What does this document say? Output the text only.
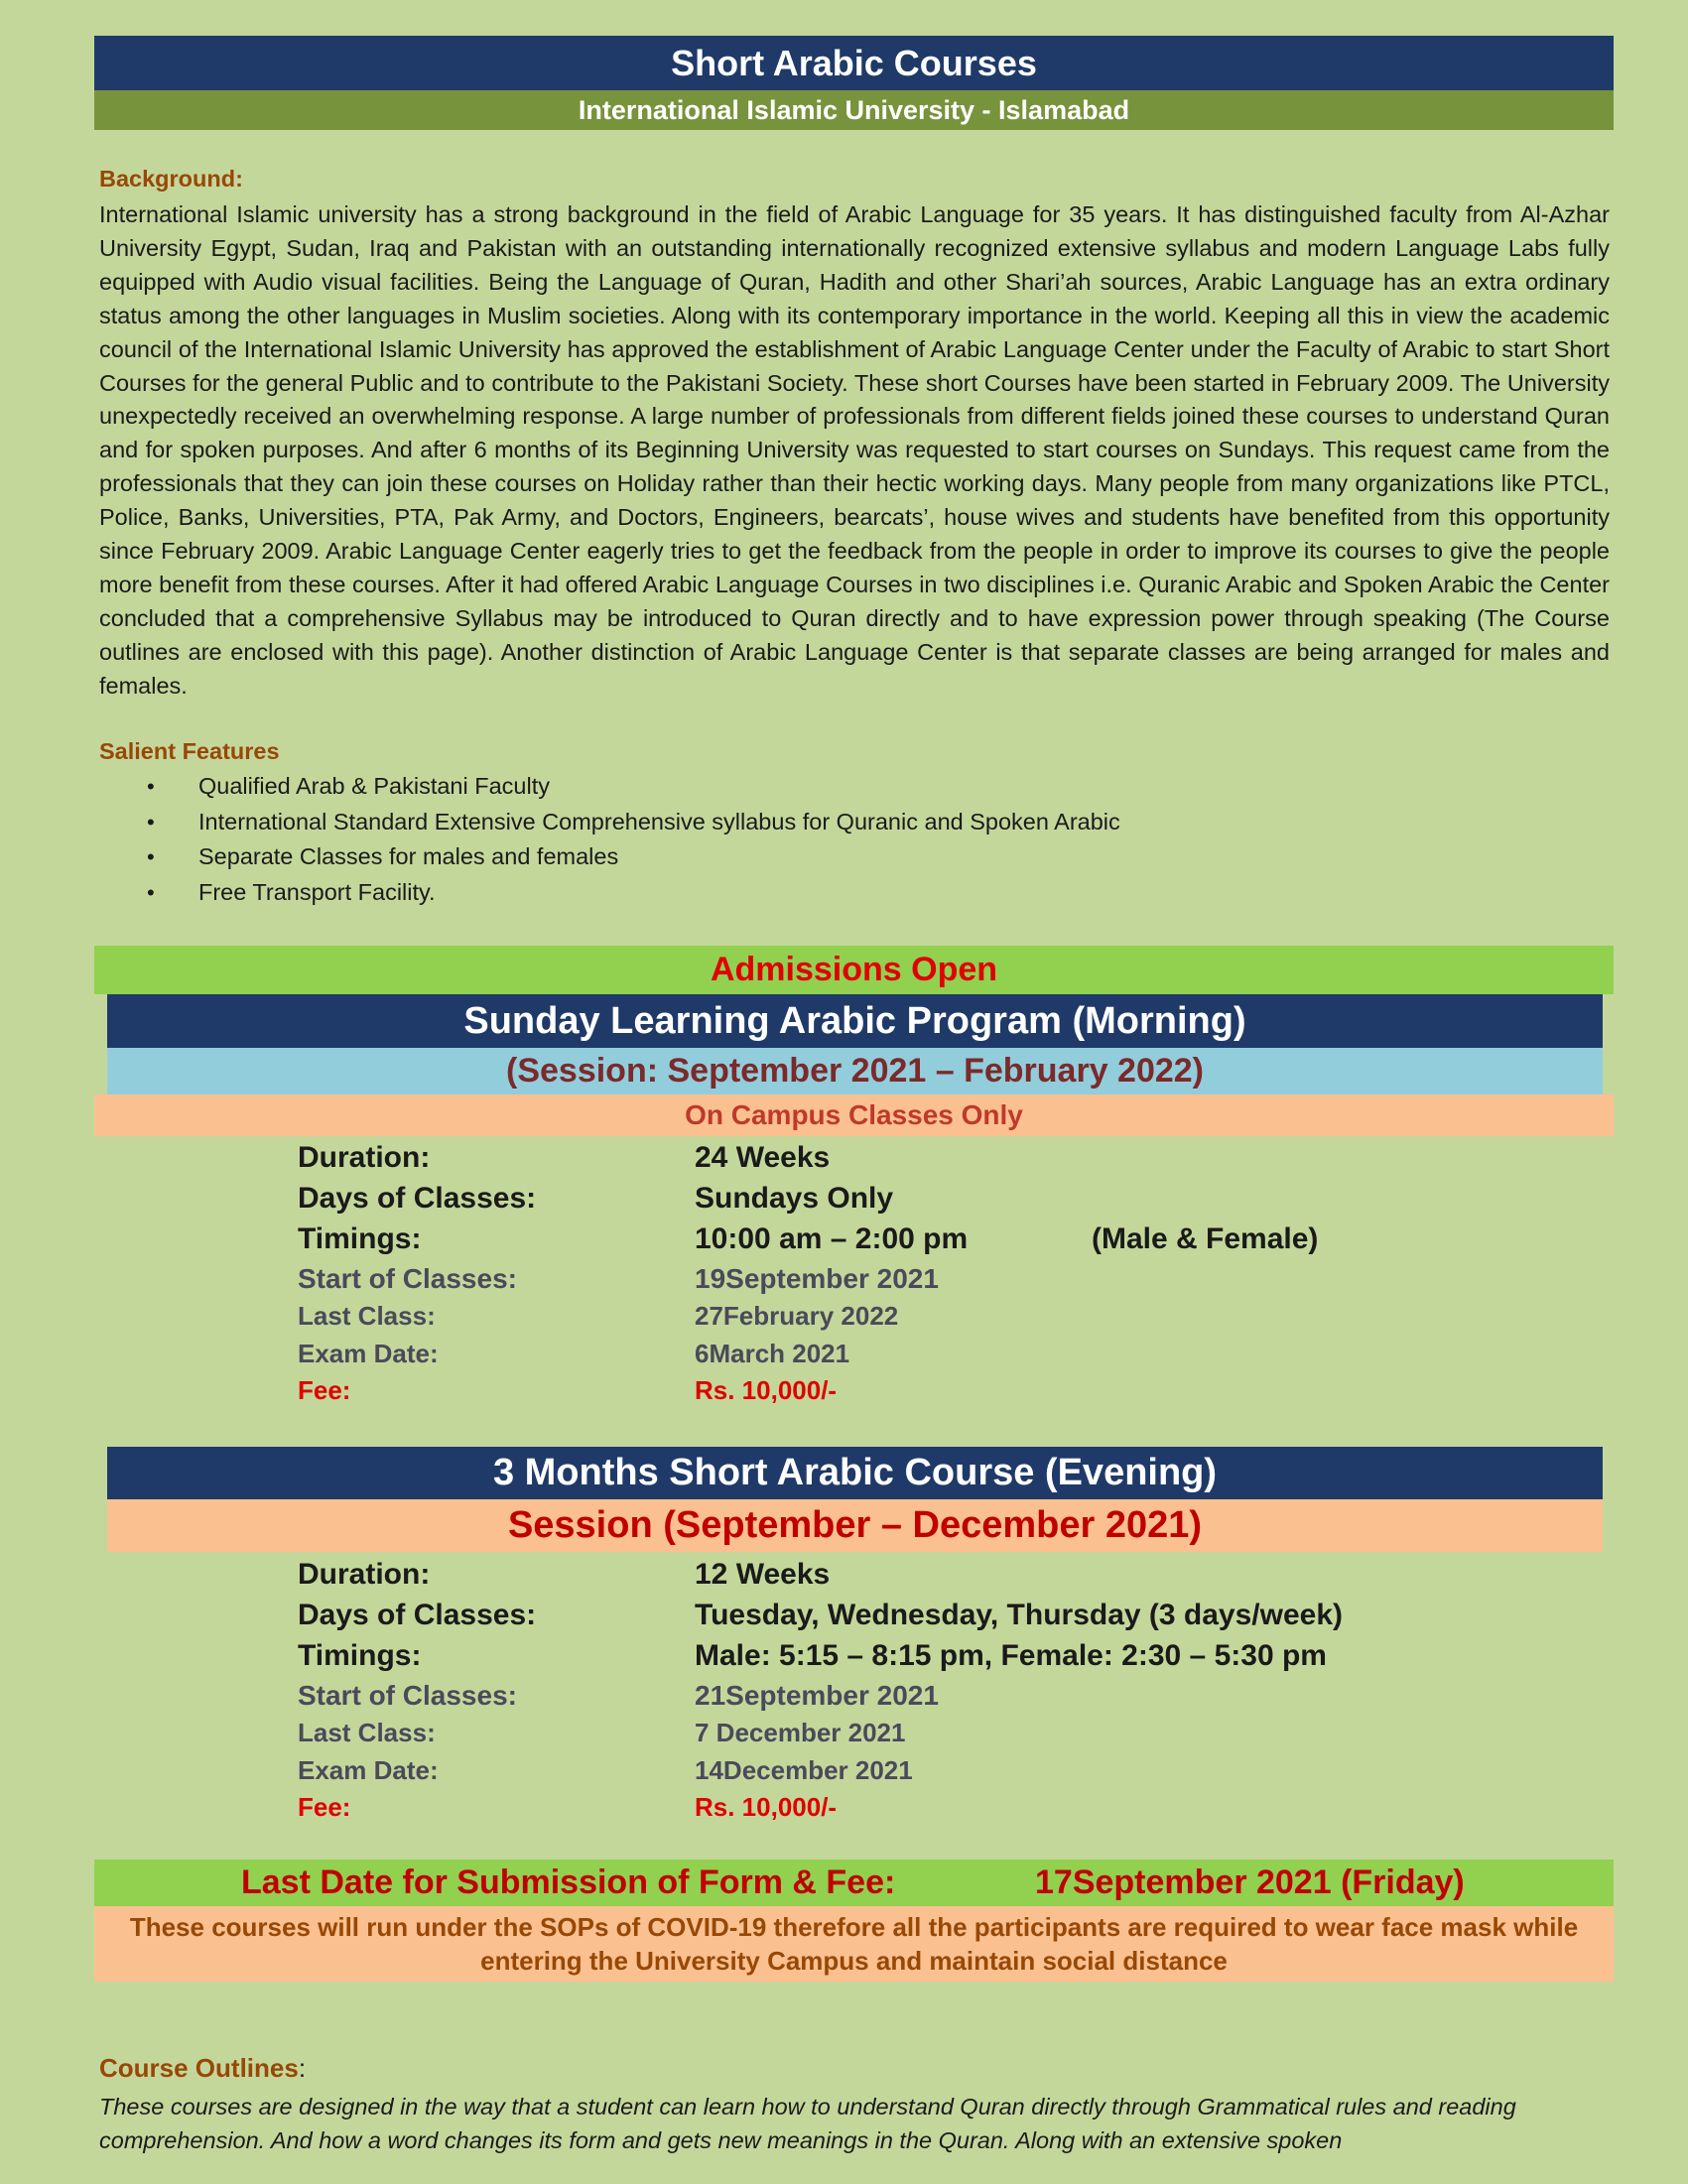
Short Arabic Courses
International Islamic University - Islamabad
Background:
International Islamic university has a strong background in the field of Arabic Language for 35 years. It has distinguished faculty from Al-Azhar University Egypt, Sudan, Iraq and Pakistan with an outstanding internationally recognized extensive syllabus and modern Language Labs fully equipped with Audio visual facilities. Being the Language of Quran, Hadith and other Shari’ah sources, Arabic Language has an extra ordinary status among the other languages in Muslim societies. Along with its contemporary importance in the world. Keeping all this in view the academic council of the International Islamic University has approved the establishment of Arabic Language Center under the Faculty of Arabic to start Short Courses for the general Public and to contribute to the Pakistani Society. These short Courses have been started in February 2009. The University unexpectedly received an overwhelming response. A large number of professionals from different fields joined these courses to understand Quran and for spoken purposes. And after 6 months of its Beginning University was requested to start courses on Sundays. This request came from the professionals that they can join these courses on Holiday rather than their hectic working days. Many people from many organizations like PTCL, Police, Banks, Universities, PTA, Pak Army, and Doctors, Engineers, bearcats’, house wives and students have benefited from this opportunity since February 2009. Arabic Language Center eagerly tries to get the feedback from the people in order to improve its courses to give the people more benefit from these courses. After it had offered Arabic Language Courses in two disciplines i.e. Quranic Arabic and Spoken Arabic the Center concluded that a comprehensive Syllabus may be introduced to Quran directly and to have expression power through speaking (The Course outlines are enclosed with this page). Another distinction of Arabic Language Center is that separate classes are being arranged for males and females.
Salient Features
• Qualified Arab & Pakistani Faculty
• International Standard Extensive Comprehensive syllabus for Quranic and Spoken Arabic
• Separate Classes for males and females
• Free Transport Facility.
Admissions Open
Sunday Learning Arabic Program (Morning)
(Session: September 2021 – February 2022)
On Campus Classes Only
Duration:	24 Weeks
Days of Classes:	Sundays Only
Timings:	10:00 am – 2:00 pm	(Male & Female)
Start of Classes:	19September 2021
Last Class:	27February 2022
Exam Date:	6March 2021
Fee:	Rs. 10,000/-
3 Months Short Arabic Course (Evening)
Session (September – December 2021)
Duration:	12 Weeks
Days of Classes:	Tuesday, Wednesday, Thursday (3 days/week)
Timings:	Male: 5:15 – 8:15 pm, Female: 2:30 – 5:30 pm
Start of Classes:	21September 2021
Last Class:	7 December 2021
Exam Date:	14December 2021
Fee:	Rs. 10,000/-
Last Date for Submission of Form & Fee:	17September 2021 (Friday)
These courses will run under the SOPs of COVID-19 therefore all the participants are required to wear face mask while entering the University Campus and maintain social distance
Course Outlines:
These courses are designed in the way that a student can learn how to understand Quran directly through Grammatical rules and reading comprehension. And how a word changes its form and gets new meanings in the Quran. Along with an extensive spoken
